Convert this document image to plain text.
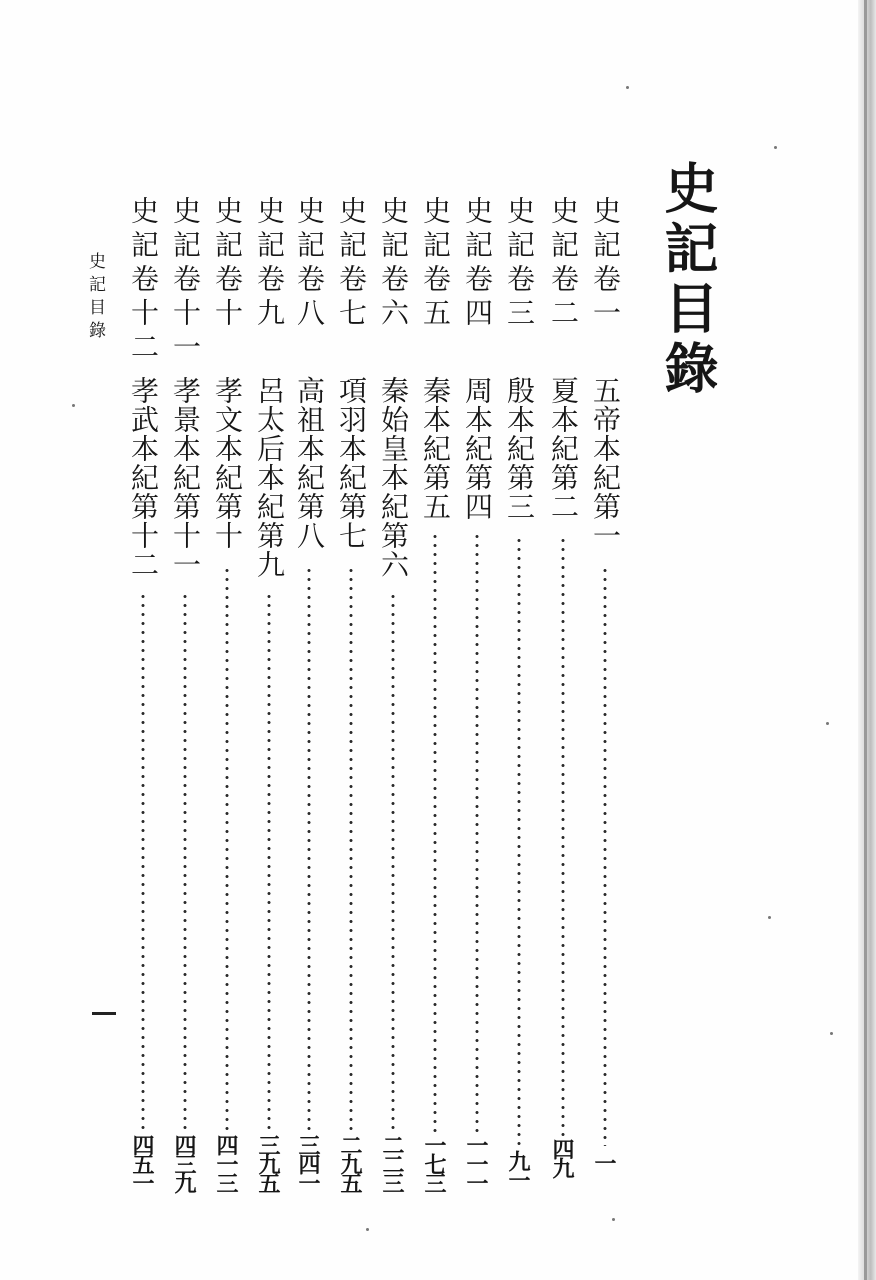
史記目錄
史記卷一
五帝本紀第一
一
史記卷二
夏本紀第二
四九
史記卷三
殷本紀第三
九一
史記卷四
周本紀第四
一一一
史記卷五
秦本紀第五
一七三
史記卷六
秦始皇本紀第六
二二三
史記卷七
項羽本紀第七
二九五
史記卷八
高祖本紀第八
三四一
史記卷九
呂太后本紀第九
三九五
史記卷十
孝文本紀第十
四一三
史記卷十一
孝景本紀第十一
四三九
史記卷十二
孝武本紀第十二
四五一
史記目錄
